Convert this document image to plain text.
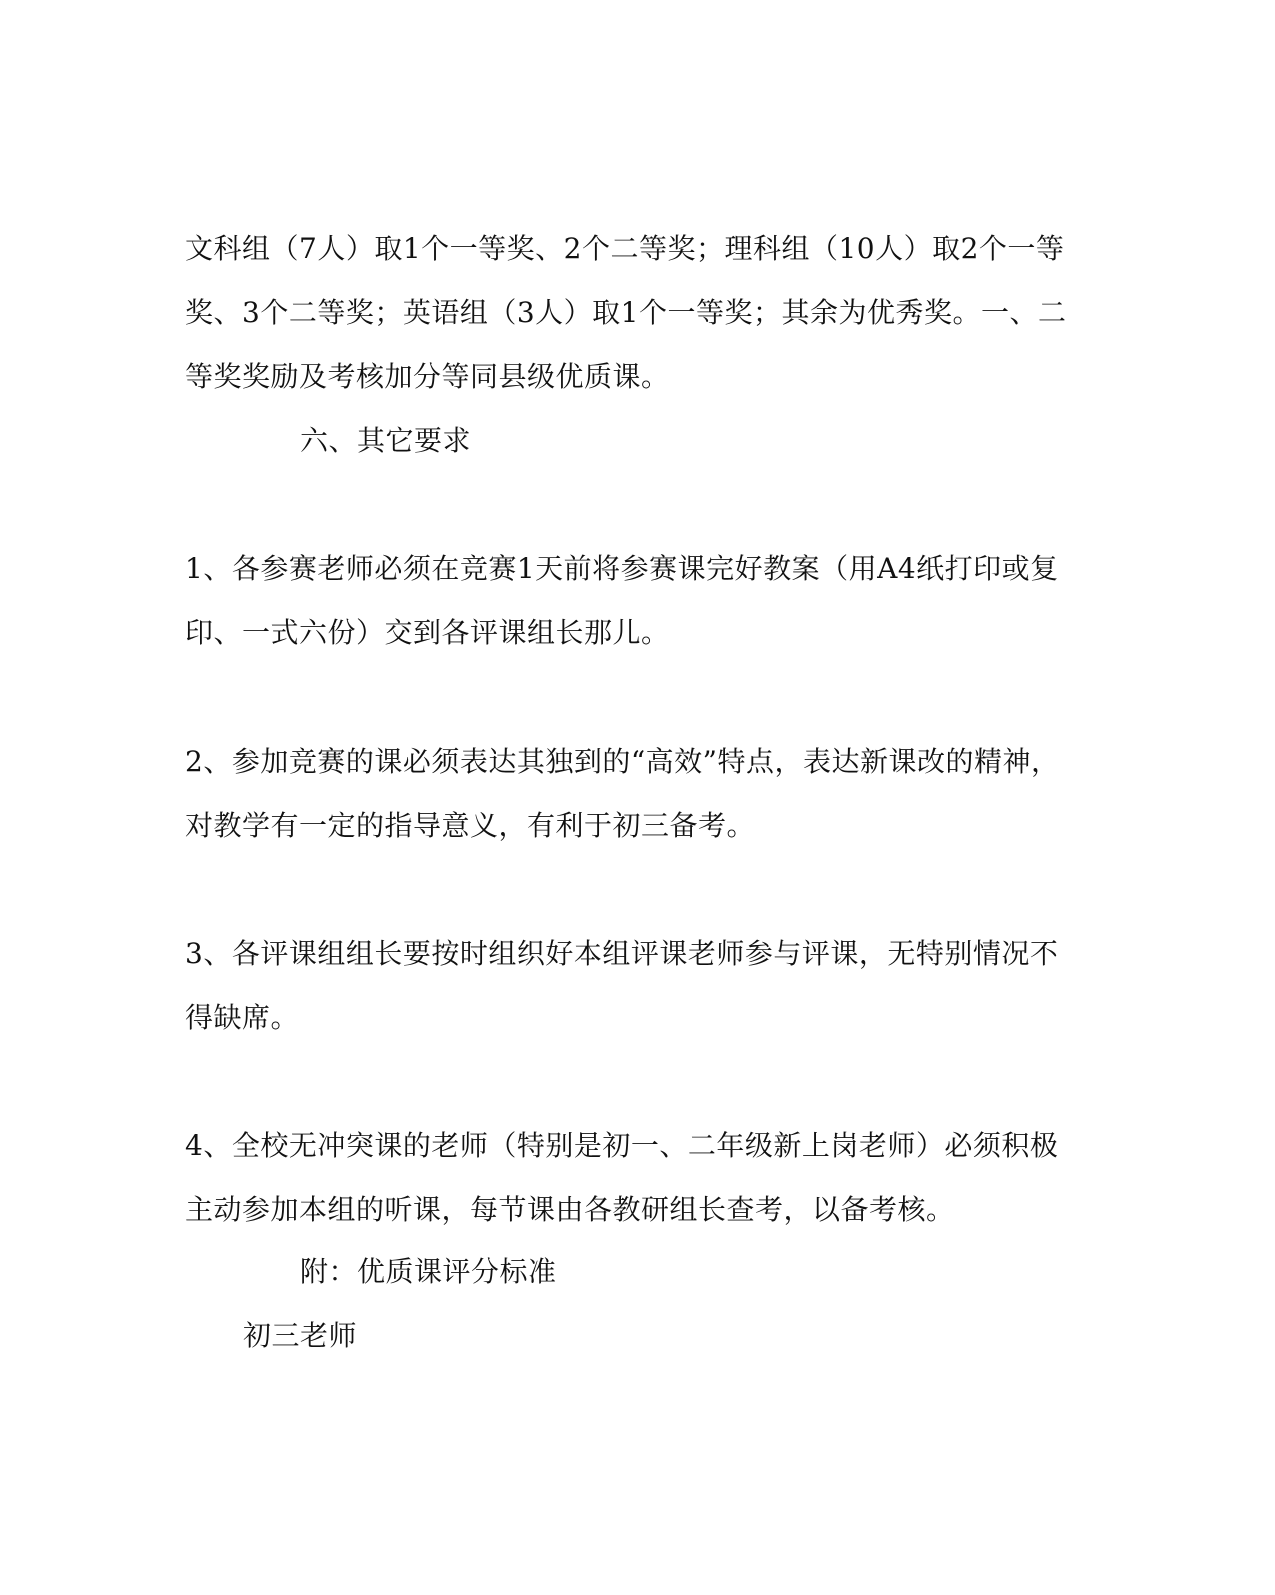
文科组（7人）取1个一等奖、2个二等奖；理科组（10人）取2个一等
奖、3个二等奖；英语组（3人）取1个一等奖；其余为优秀奖。一、二
等奖奖励及考核加分等同县级优质课。
六、其它要求
1、各参赛老师必须在竞赛1天前将参赛课完好教案（用A4纸打印或复
印、一式六份）交到各评课组长那儿。
2、参加竞赛的课必须表达其独到的“高效”特点，表达新课改的精神，
对教学有一定的指导意义，有利于初三备考。
3、各评课组组长要按时组织好本组评课老师参与评课，无特别情况不
得缺席。
4、全校无冲突课的老师（特别是初一、二年级新上岗老师）必须积极
主动参加本组的听课，每节课由各教研组长查考，以备考核。
附：优质课评分标准
初三老师
